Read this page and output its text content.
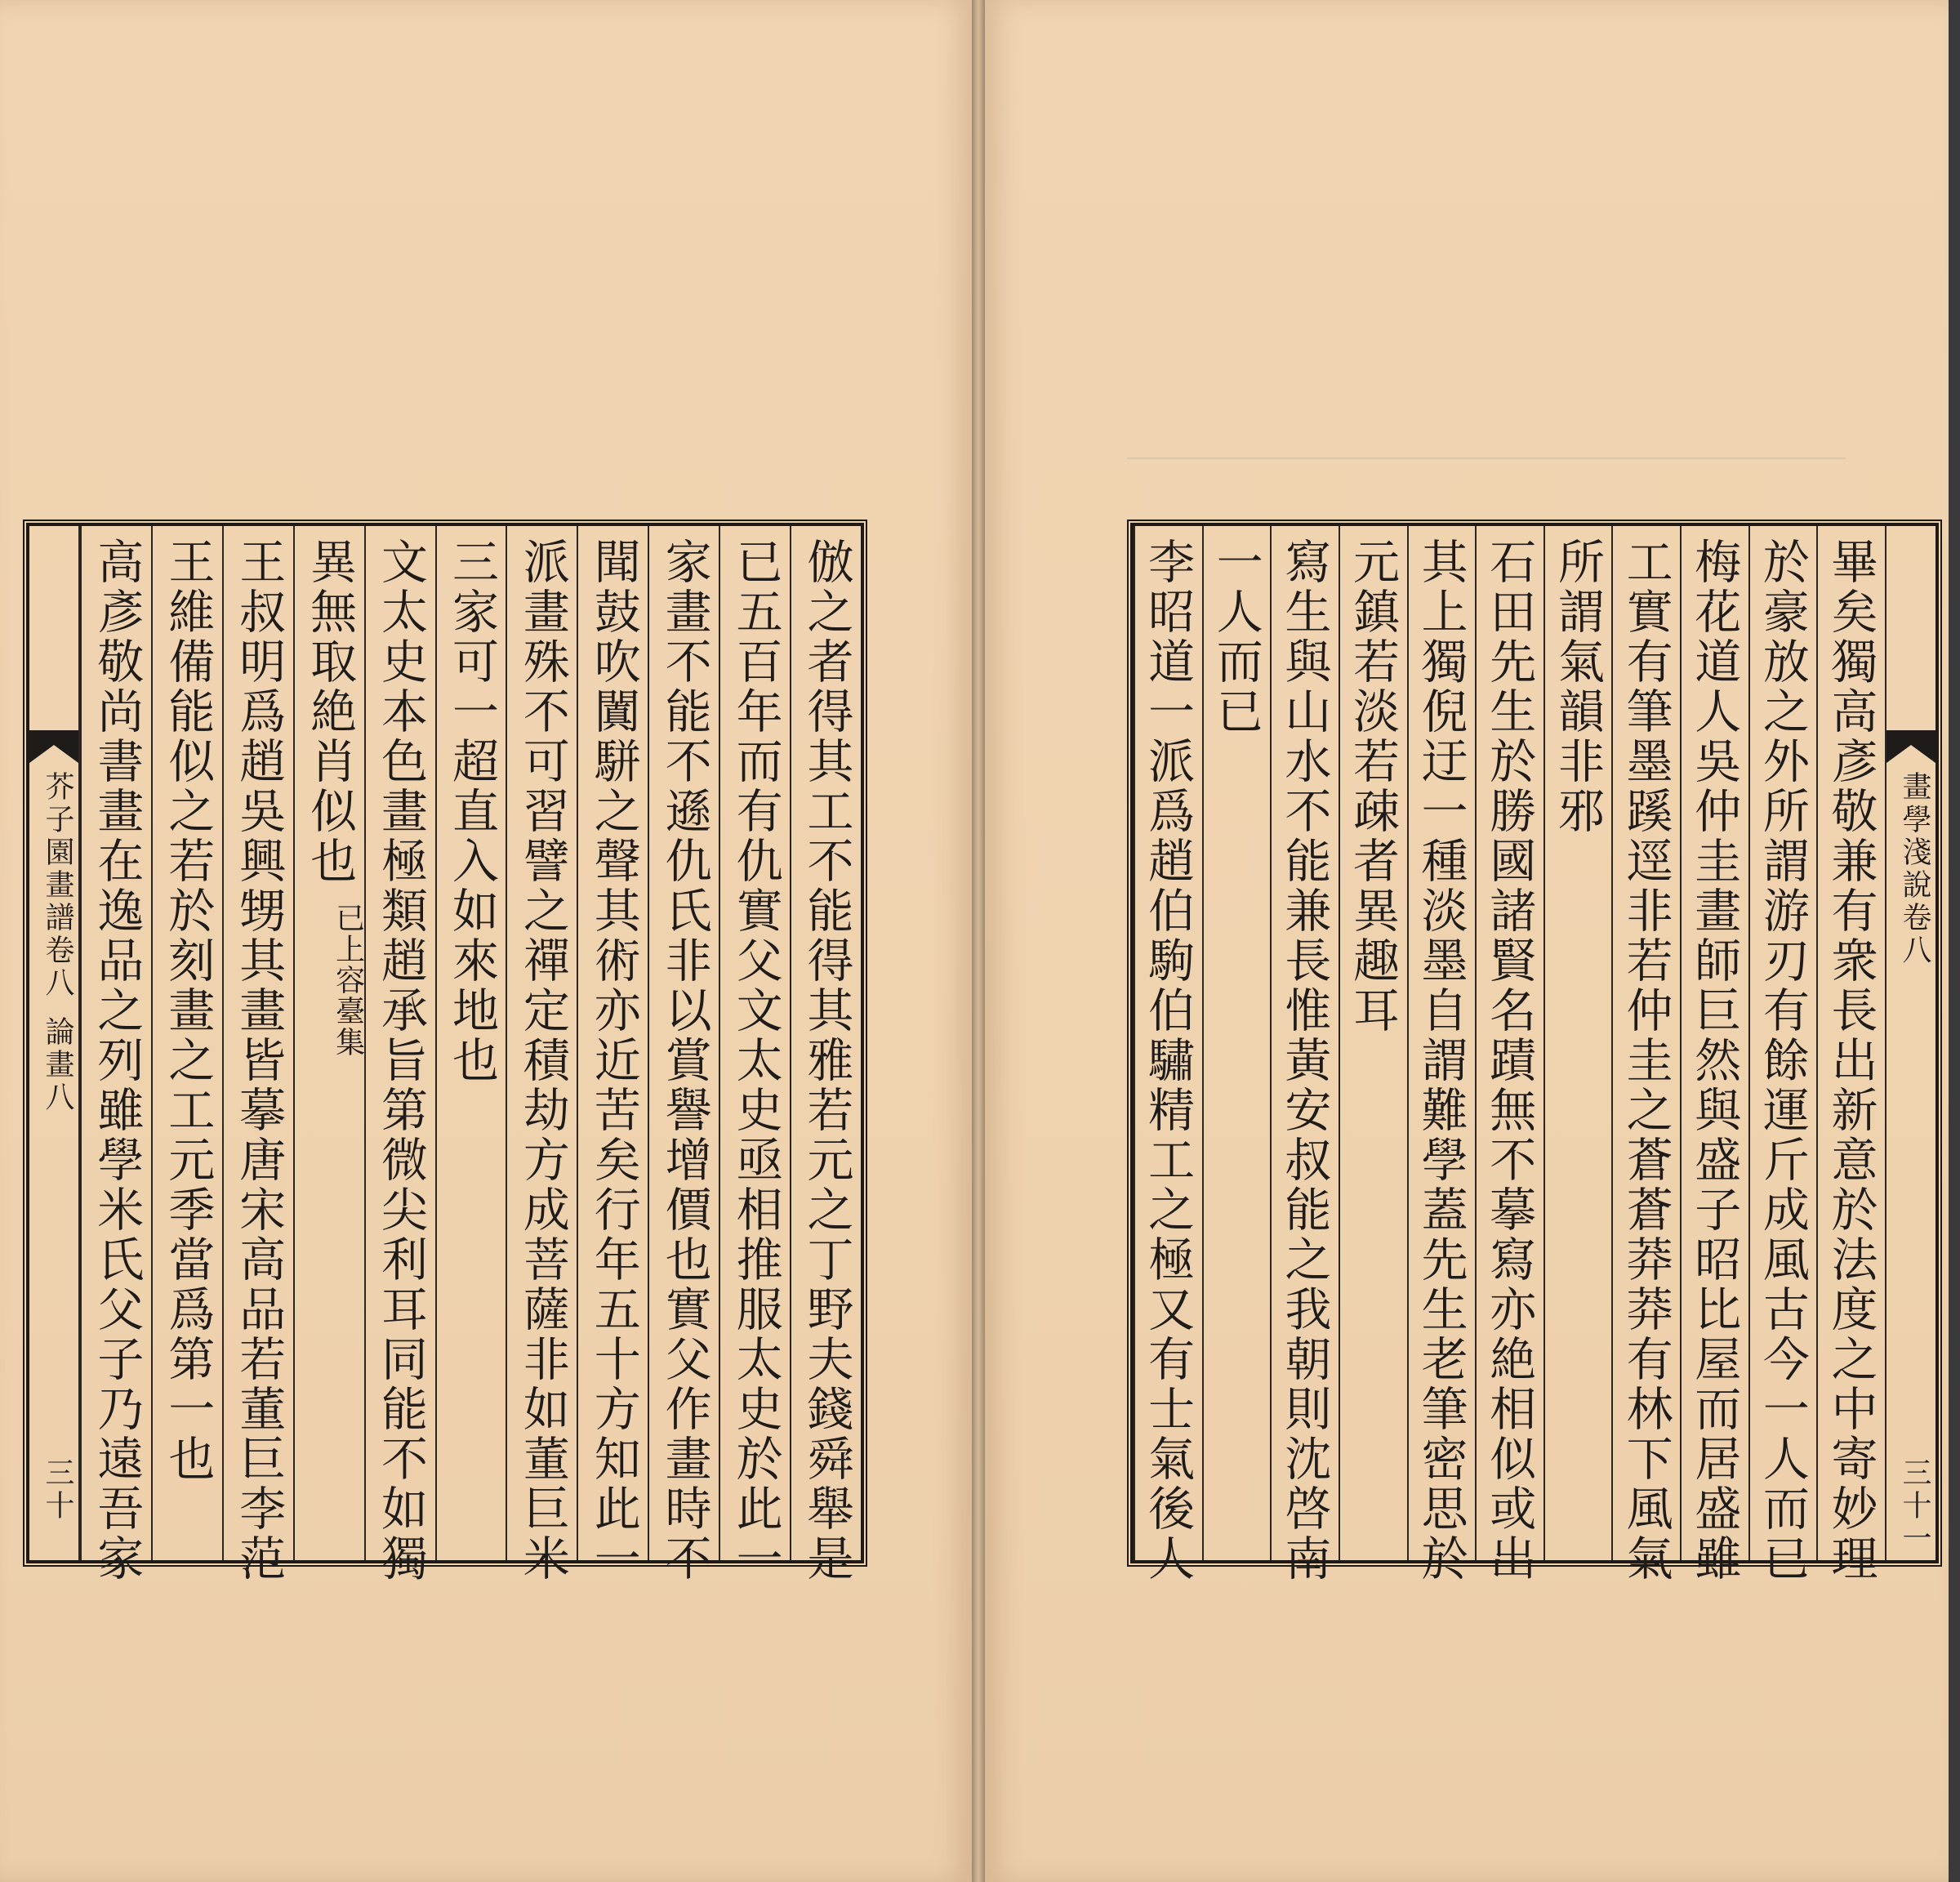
芥子園畫譜卷八
論畫八
三十	倣之者得其工不能得其雅若元之丁野夫錢舜舉是
已五百年而有仇實父文太史亟相推服太史於此一
家畫不能不遜仇氏非以賞譽增價也實父作畫時不
聞鼓吹闐駢之聲其術亦近苦矣行年五十方知此一
派畫殊不可習譬之禪定積劫方成菩薩非如董巨米
三家可一超直入如來地也
文太史本色畫極類趙承旨第微尖利耳同能不如獨
異無取絶肖似也
已上容臺集
王叔明爲趙吳興甥其畫皆摹唐宋高品若董巨李范
王維備能似之若於刻畫之工元季當爲第一也
高彥敬尚書畫在逸品之列雖學米氏父子乃遠吾家	畫學淺說卷八
三十一
畢矣獨高彥敬兼有衆長出新意於法度之中寄妙理
於豪放之外所謂游刃有餘運斤成風古今一人而已
梅花道人吳仲圭畫師巨然與盛子昭比屋而居盛雖
工實有筆墨蹊逕非若仲圭之蒼蒼莽莽有林下風氣
所謂氣韻非邪
石田先生於勝國諸賢名蹟無不摹寫亦絶相似或出
其上獨倪迂一種淡墨自謂難學蓋先生老筆密思於
元鎮若淡若疎者異趣耳
寫生與山水不能兼長惟黃安叔能之我朝則沈啓南
一人而已
李昭道一派爲趙伯駒伯驌精工之極又有士氣後人
